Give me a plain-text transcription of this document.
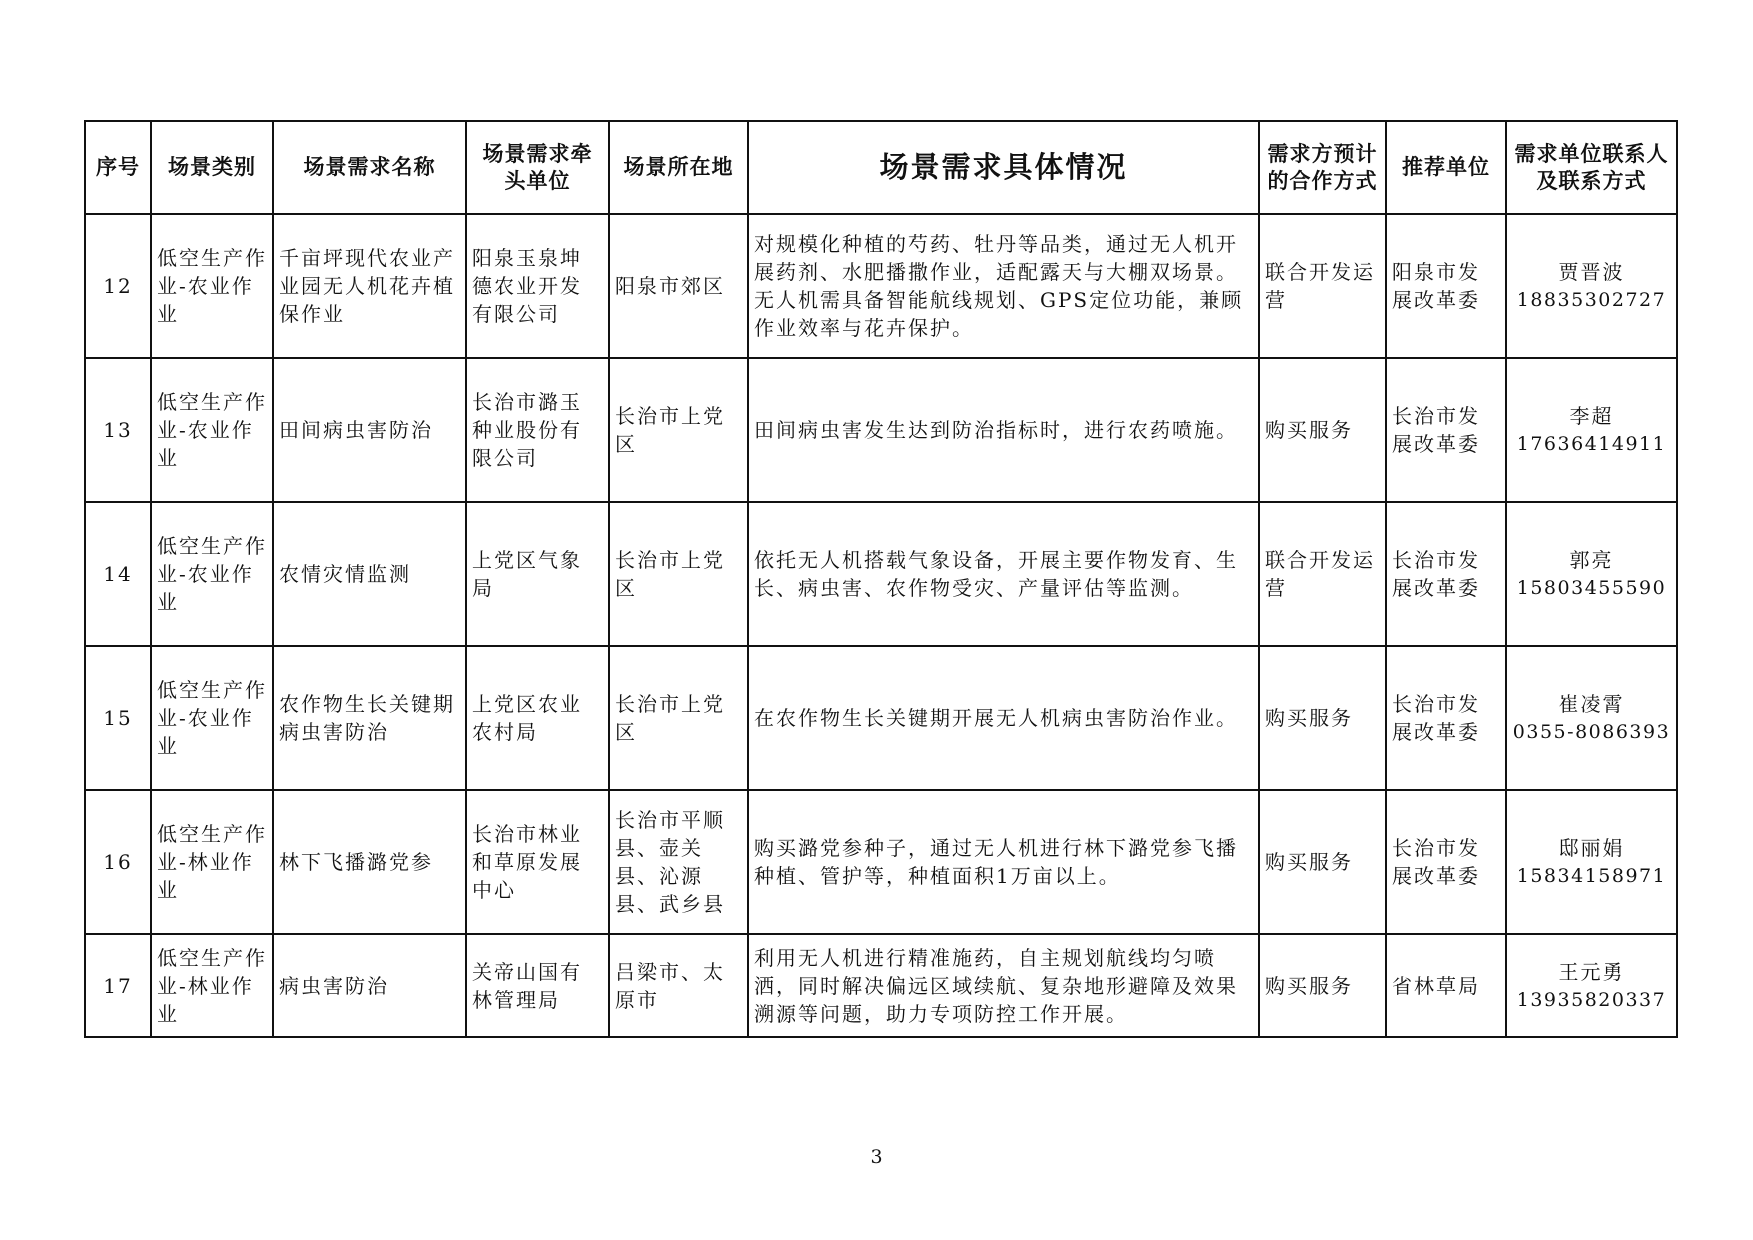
序号	场景类别	场景需求名称	场景需求牵头单位	场景所在地	场景需求具体情况	需求方预计的合作方式	推荐单位	需求单位联系人及联系方式
12	低空生产作业-农业作业	千亩坪现代农业产业园无人机花卉植保作业	阳泉玉泉坤德农业开发有限公司	阳泉市郊区	对规模化种植的芍药、牡丹等品类，通过无人机开展药剂、水肥播撒作业，适配露天与大棚双场景。无人机需具备智能航线规划、GPS定位功能，兼顾作业效率与花卉保护。	联合开发运营	阳泉市发展改革委	贾晋波
18835302727

13	低空生产作业-农业作业	田间病虫害防治	长治市潞玉种业股份有限公司	长治市上党区	田间病虫害发生达到防治指标时，进行农药喷施。	购买服务	长治市发展改革委	李超
17636414911

14	低空生产作业-农业作业	农情灾情监测	上党区气象局	长治市上党区	依托无人机搭载气象设备，开展主要作物发育、生长、病虫害、农作物受灾、产量评估等监测。	联合开发运营	长治市发展改革委	郭亮
15803455590

15	低空生产作业-农业作业	农作物生长关键期病虫害防治	上党区农业农村局	长治市上党区	在农作物生长关键期开展无人机病虫害防治作业。	购买服务	长治市发展改革委	崔凌霄
0355-8086393

16	低空生产作业-林业作业	林下飞播潞党参	长治市林业和草原发展中心	长治市平顺县、壶关县、沁源县、武乡县	购买潞党参种子，通过无人机进行林下潞党参飞播种植、管护等，种植面积1万亩以上。	购买服务	长治市发展改革委	邸丽娟
15834158971

17	低空生产作业-林业作业	病虫害防治	关帝山国有林管理局	吕梁市、太原市	利用无人机进行精准施药，自主规划航线均匀喷洒，同时解决偏远区域续航、复杂地形避障及效果溯源等问题，助力专项防控工作开展。	购买服务	省林草局	王元勇
13935820337
3
